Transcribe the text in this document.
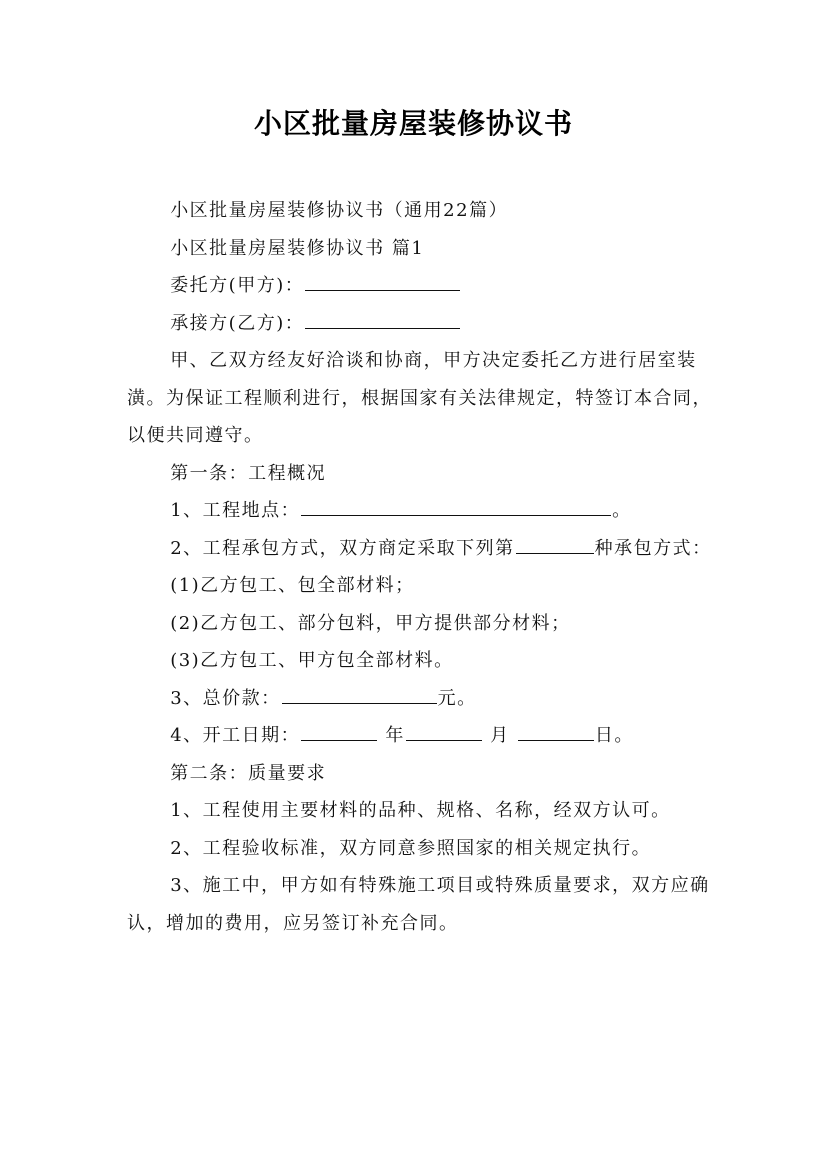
小区批量房屋装修协议书

小区批量房屋装修协议书（通用22篇）

小区批量房屋装修协议书 篇1

委托方(甲方)：

承接方(乙方)：

甲、乙双方经友好洽谈和协商，甲方决定委托乙方进行居室装潢。为保证工程顺利进行，根据国家有关法律规定，特签订本合同，以便共同遵守。

第一条：工程概况

1、工程地点：	。

2、工程承包方式，双方商定采取下列第	种承包方式：

(1)乙方包工、包全部材料；

(2)乙方包工、部分包料，甲方提供部分材料；

(3)乙方包工、甲方包全部材料。

3、总价款：	元。

4、开工日期：	年	月	日。

第二条：质量要求

1、工程使用主要材料的品种、规格、名称，经双方认可。

2、工程验收标准，双方同意参照国家的相关规定执行。

3、施工中，甲方如有特殊施工项目或特殊质量要求，双方应确认，增加的费用，应另签订补充合同。
